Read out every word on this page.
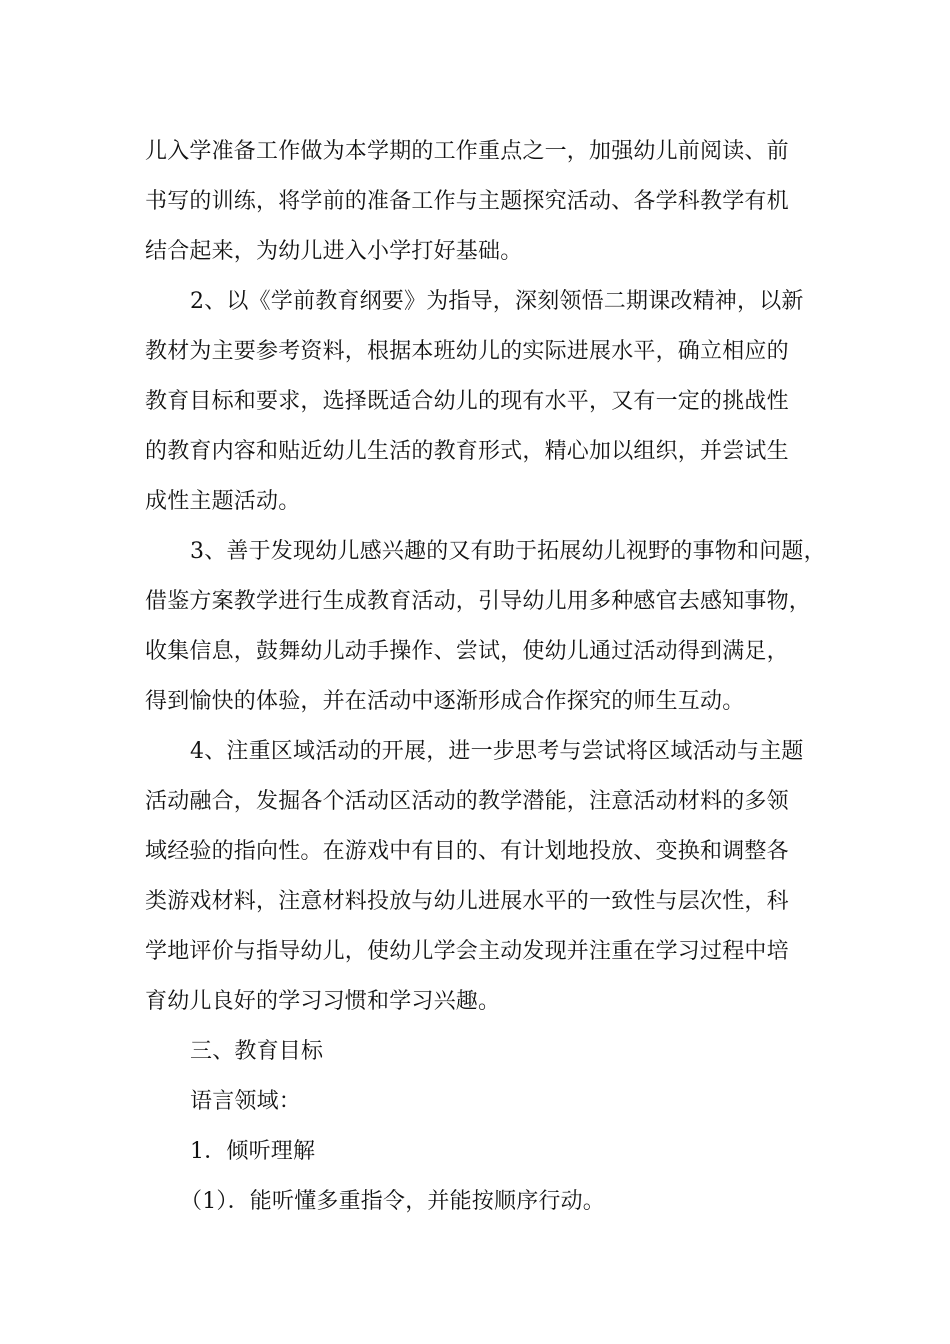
儿入学准备工作做为本学期的工作重点之一，加强幼儿前阅读、前
书写的训练，将学前的准备工作与主题探究活动、各学科教学有机
结合起来，为幼儿进入小学打好基础。
2、以《学前教育纲要》为指导，深刻领悟二期课改精神，以新
教材为主要参考资料，根据本班幼儿的实际进展水平，确立相应的
教育目标和要求，选择既适合幼儿的现有水平，又有一定的挑战性
的教育内容和贴近幼儿生活的教育形式，精心加以组织，并尝试生
成性主题活动。
3、善于发现幼儿感兴趣的又有助于拓展幼儿视野的事物和问题，
借鉴方案教学进行生成教育活动，引导幼儿用多种感官去感知事物，
收集信息，鼓舞幼儿动手操作、尝试，使幼儿通过活动得到满足，
得到愉快的体验，并在活动中逐渐形成合作探究的师生互动。
4、注重区域活动的开展，进一步思考与尝试将区域活动与主题
活动融合，发掘各个活动区活动的教学潜能，注意活动材料的多领
域经验的指向性。在游戏中有目的、有计划地投放、变换和调整各
类游戏材料，注意材料投放与幼儿进展水平的一致性与层次性，科
学地评价与指导幼儿，使幼儿学会主动发现并注重在学习过程中培
育幼儿良好的学习习惯和学习兴趣。
三、教育目标
语言领域：
1．倾听理解
（1）．能听懂多重指令，并能按顺序行动。
